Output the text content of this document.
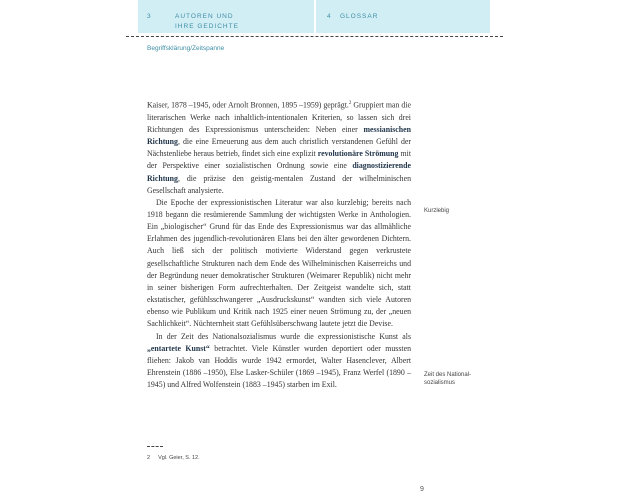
3	AUTOREN UND
IHRE GEDICHTE
4 GLOSSAR
Begriffsklärung/Zeitspanne

Kaiser, 1878 –1945, oder Arnolt Bronnen, 1895 –1959) geprägt.$^2$ Gruppiert man die literarischen Werke nach inhaltlich-intentionalen Kriterien, so lassen sich drei Richtungen des Expressionismus unterscheiden: Neben einer messianischen Richtung, die eine Erneuerung aus dem auch christlich verstandenen Gefühl der Nächstenliebe heraus betrieb, findet sich eine explizit revolutionäre Strömung mit der Perspektive einer sozialistischen Ordnung sowie eine diagnostizierende Richtung, die präzise den geistig-mentalen Zustand der wilhelminischen Gesellschaft analysierte.

Die Epoche der expressionistischen Literatur war also kurzlebig; bereits nach 1918 begann die resümierende Sammlung der wichtigsten Werke in Anthologien. Ein „biologischer“ Grund für das Ende des Expressionismus war das allmähliche Erlahmen des jugendlich-revolutionären Elans bei den älter gewordenen Dichtern. Auch ließ sich der politisch motivierte Widerstand gegen verkrustete gesellschaftliche Strukturen nach dem Ende des Wilhelminischen Kaiserreichs und der Begründung neuer demokratischer Strukturen (Weimarer Republik) nicht mehr in seiner bisherigen Form aufrechterhalten. Der Zeitgeist wandelte sich, statt ekstatischer, gefühlsschwangerer „Ausdruckskunst“ wandten sich viele Autoren ebenso wie Publikum und Kritik nach 1925 einer neuen Strömung zu, der „neuen Sachlichkeit“. Nüchternheit statt Gefühlsüberschwang lautete jetzt die Devise.

In der Zeit des Nationalsozialismus wurde die expressionistische Kunst als „entartete Kunst“ betrachtet. Viele Künstler wurden deportiert oder mussten fliehen: Jakob van Hoddis wurde 1942 ermordet, Walter Hasenclever, Albert Ehrenstein (1886 –1950), Else Lasker-Schüler (1869 –1945), Franz Werfel (1890 –1945) und Alfred Wolfenstein (1883 –1945) starben im Exil.

Kurzlebig
Zeit des National-
sozialismus
2 Vgl. Geier, S. 12.
9
